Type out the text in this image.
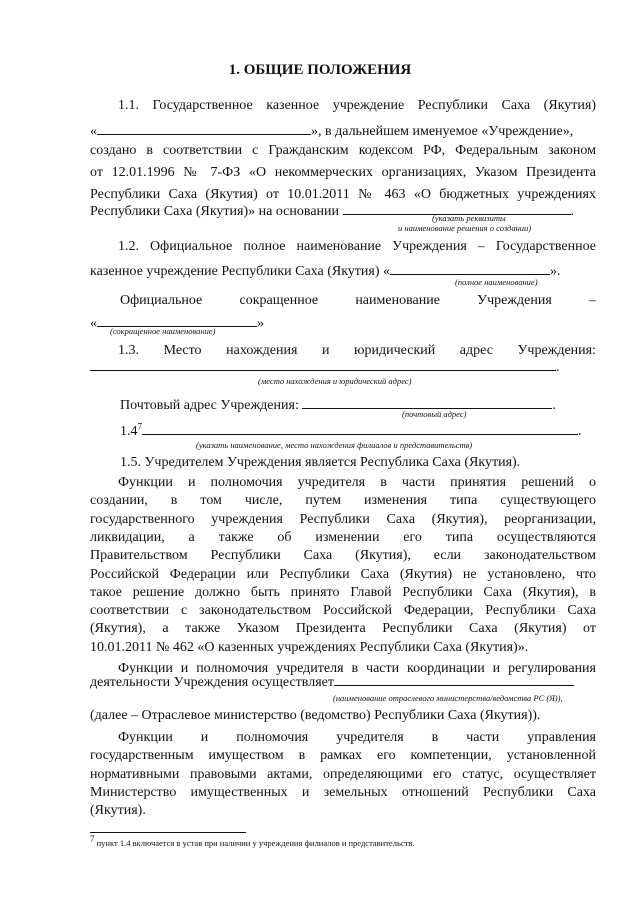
1. ОБЩИЕ ПОЛОЖЕНИЯ
1.1. Государственное казенное учреждение Республики Саха (Якутия)
«	», в дальнейшем именуемое «Учреждение»,
создано в соответствии с Гражданским кодексом РФ, Федеральным законом
от 12.01.1996 № 7-ФЗ «О некоммерческих организациях, Указом Президента
Республики Саха (Якутия) от 10.01.2011 № 463 «О бюджетных учреждениях
Республики Саха (Якутия)» на основании	.
(указать реквизиты
и наименование решения о создании)
1.2. Официальное полное наименование Учреждения – Государственное
казенное учреждение Республики Саха (Якутия) «	».
(полное наименование)
Официальное сокращенное наименование Учреждения –
«	»
(сокращенное наименование)
1.3. Место нахождения и юридический адрес Учреждения:
.
(место нахождения и юридический адрес)
Почтовый адрес Учреждения:	.
(почтовый адрес)
$1.4^7$	.
(указать наименование, место нахождения филиалов и представительств)
1.5. Учредителем Учреждения является Республика Саха (Якутия).
Функции и полномочия учредителя в части принятия решений о
создании, в том числе, путем изменения типа существующего
государственного учреждения Республики Саха (Якутия), реорганизации,
ликвидации, а также об изменении его типа осуществляются
Правительством Республики Саха (Якутия), если законодательством
Российской Федерации или Республики Саха (Якутия) не установлено, что
такое решение должно быть принято Главой Республики Саха (Якутия), в
соответствии с законодательством Российской Федерации, Республики Саха
(Якутия), а также Указом Президента Республики Саха (Якутия) от
10.01.2011 № 462 «О казенных учреждениях Республики Саха (Якутия)».
Функции и полномочия учредителя в части координации и регулирования
деятельности Учреждения осуществляет
(наименование отраслевого министерства/ведомства РС (Я)),
(далее – Отраслевое министерство (ведомство) Республики Саха (Якутия)).
Функции и полномочия учредителя в части управления
государственным имуществом в рамках его компетенции, установленной
нормативными правовыми актами, определяющими его статус, осуществляет
Министерство имущественных и земельных отношений Республики Саха
(Якутия).
$^7$ пункт 1.4 включается в устав при наличии у учреждения филиалов и представительств.
